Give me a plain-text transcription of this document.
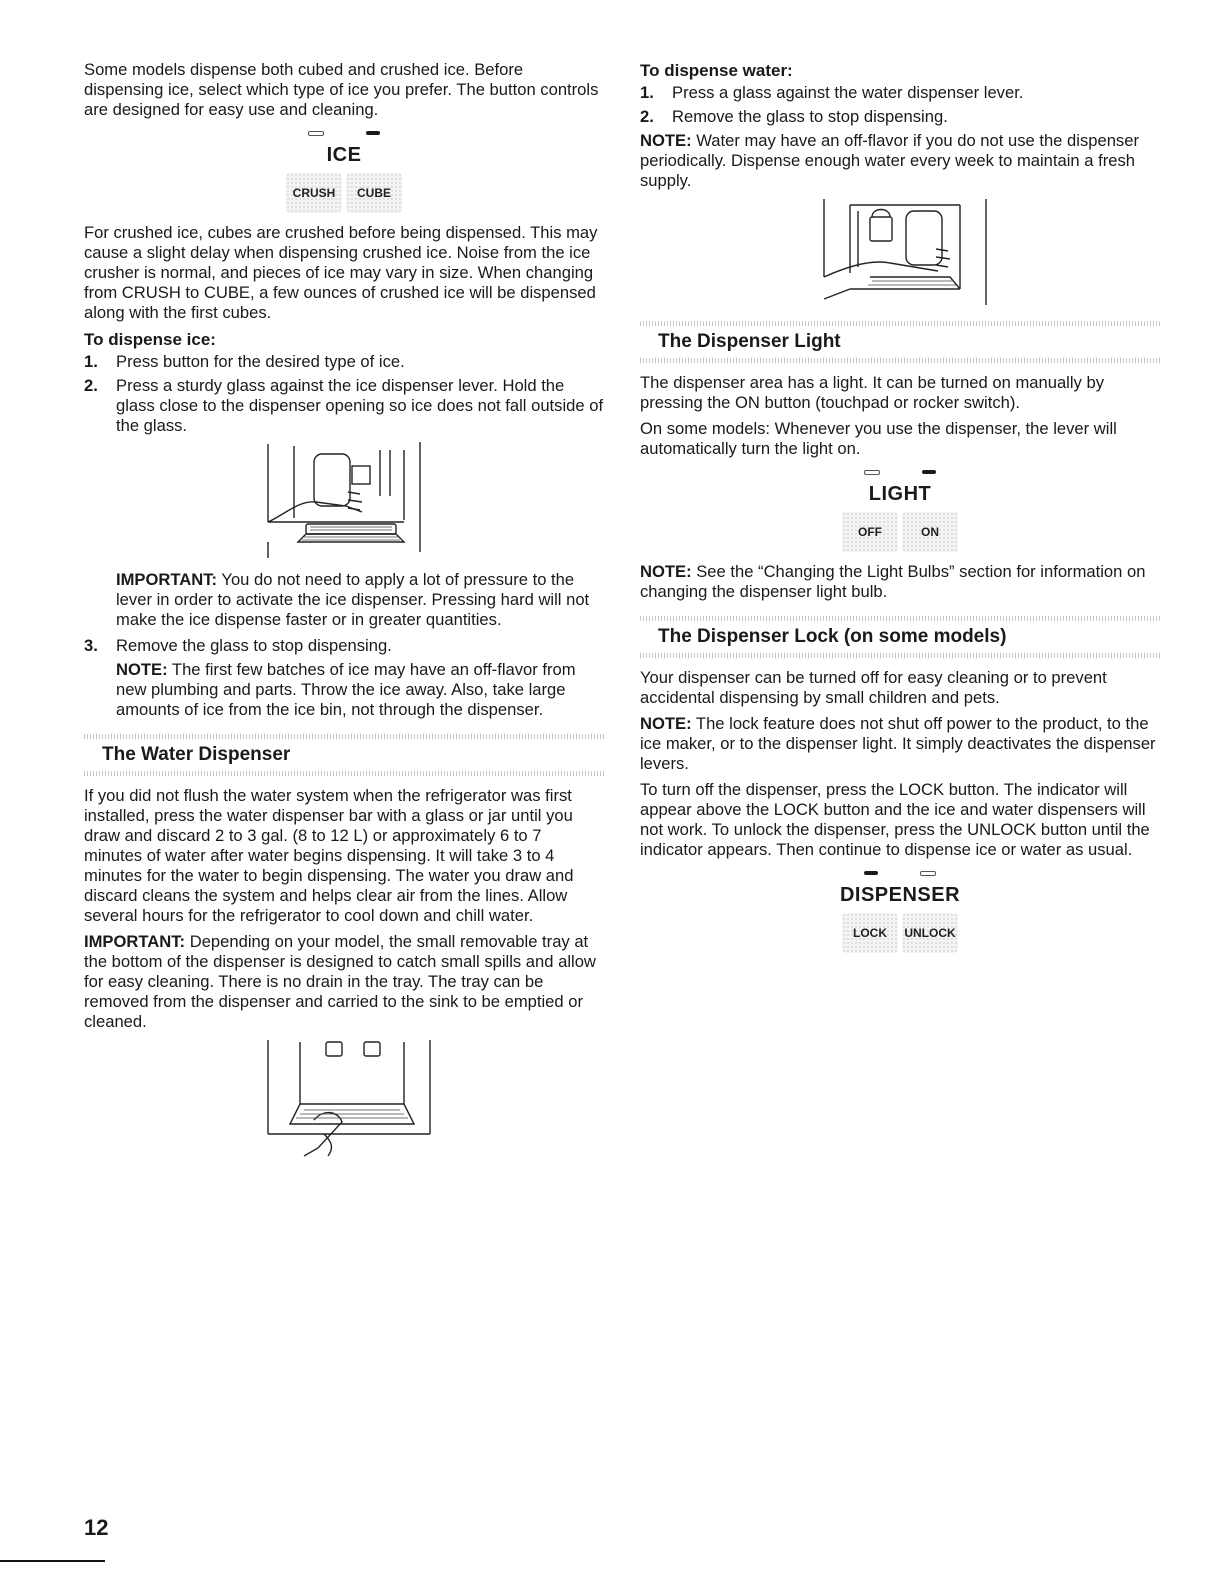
Some models dispense both cubed and crushed ice. Before dispensing ice, select which type of ice you prefer. The button controls are designed for easy use and cleaning.

ICE
CRUSH	CUBE

For crushed ice, cubes are crushed before being dispensed. This may cause a slight delay when dispensing crushed ice. Noise from the ice crusher is normal, and pieces of ice may vary in size. When changing from CRUSH to CUBE, a few ounces of crushed ice will be dispensed along with the first cubes.

To dispense ice:
1. Press button for the desired type of ice.
2. Press a sturdy glass against the ice dispenser lever. Hold the glass close to the dispenser opening so ice does not fall outside of the glass.

IMPORTANT: You do not need to apply a lot of pressure to the lever in order to activate the ice dispenser. Pressing hard will not make the ice dispense faster or in greater quantities.

3. Remove the glass to stop dispensing.

NOTE: The first few batches of ice may have an off-flavor from new plumbing and parts. Throw the ice away. Also, take large amounts of ice from the ice bin, not through the dispenser.

The Water Dispenser

If you did not flush the water system when the refrigerator was first installed, press the water dispenser bar with a glass or jar until you draw and discard 2 to 3 gal. (8 to 12 L) or approximately 6 to 7 minutes of water after water begins dispensing. It will take 3 to 4 minutes for the water to begin dispensing. The water you draw and discard cleans the system and helps clear air from the lines. Allow several hours for the refrigerator to cool down and chill water.

IMPORTANT: Depending on your model, the small removable tray at the bottom of the dispenser is designed to catch small spills and allow for easy cleaning. There is no drain in the tray. The tray can be removed from the dispenser and carried to the sink to be emptied or cleaned.

To dispense water:
1. Press a glass against the water dispenser lever.
2. Remove the glass to stop dispensing.

NOTE: Water may have an off-flavor if you do not use the dispenser periodically. Dispense enough water every week to maintain a fresh supply.

The Dispenser Light

The dispenser area has a light. It can be turned on manually by pressing the ON button (touchpad or rocker switch).

On some models: Whenever you use the dispenser, the lever will automatically turn the light on.

LIGHT
OFF	ON

NOTE: See the “Changing the Light Bulbs” section for information on changing the dispenser light bulb.

The Dispenser Lock (on some models)

Your dispenser can be turned off for easy cleaning or to prevent accidental dispensing by small children and pets.

NOTE: The lock feature does not shut off power to the product, to the ice maker, or to the dispenser light. It simply deactivates the dispenser levers.

To turn off the dispenser, press the LOCK button. The indicator will appear above the LOCK button and the ice and water dispensers will not work. To unlock the dispenser, press the UNLOCK button until the indicator appears. Then continue to dispense ice or water as usual.

DISPENSER
LOCK	UNLOCK
12
